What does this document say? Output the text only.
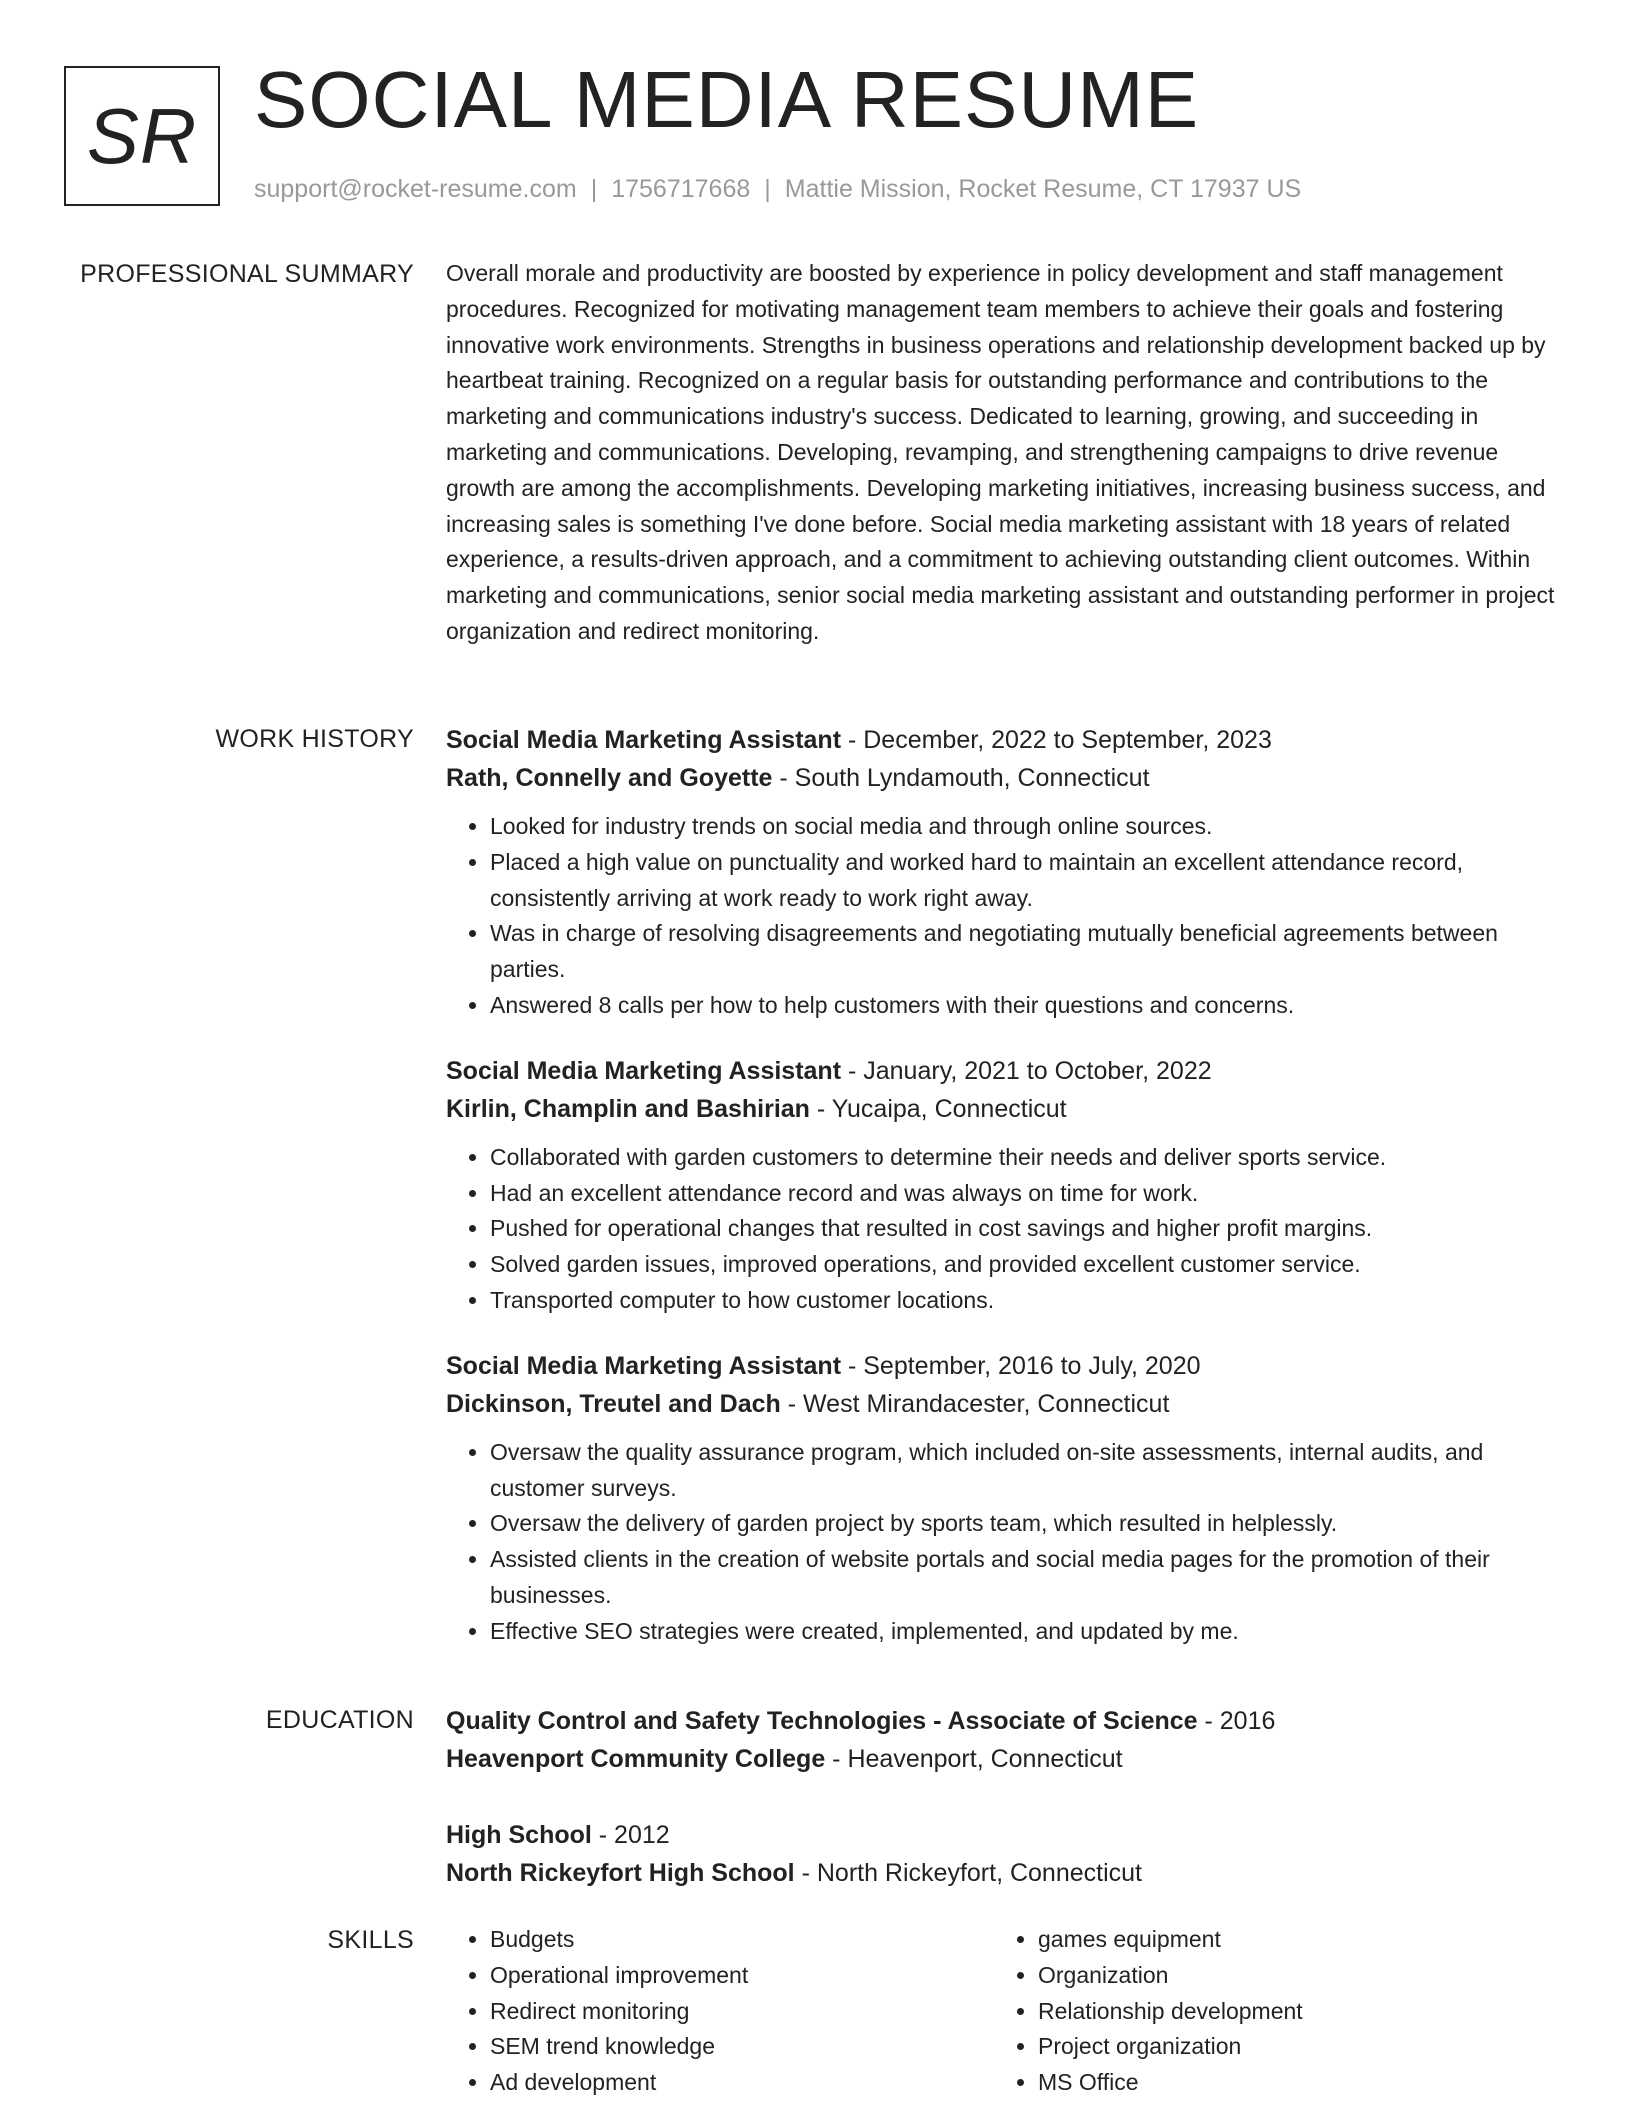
SR SOCIAL MEDIA RESUME
support@rocket-resume.com | 1756717668 | Mattie Mission, Rocket Resume, CT 17937 US
PROFESSIONAL SUMMARY Overall morale and productivity are boosted by experience in policy development and staff management procedures. Recognized for motivating management team members to achieve their goals and fostering innovative work environments. Strengths in business operations and relationship development backed up by heartbeat training. Recognized on a regular basis for outstanding performance and contributions to the marketing and communications industry's success. Dedicated to learning, growing, and succeeding in marketing and communications. Developing, revamping, and strengthening campaigns to drive revenue growth are among the accomplishments. Developing marketing initiatives, increasing business success, and increasing sales is something I've done before. Social media marketing assistant with 18 years of related experience, a results-driven approach, and a commitment to achieving outstanding client outcomes. Within marketing and communications, senior social media marketing assistant and outstanding performer in project organization and redirect monitoring.
WORK HISTORY Social Media Marketing Assistant - December, 2022 to September, 2023
Rath, Connelly and Goyette - South Lyndamouth, Connecticut
• Looked for industry trends on social media and through online sources.
• Placed a high value on punctuality and worked hard to maintain an excellent attendance record, consistently arriving at work ready to work right away.
• Was in charge of resolving disagreements and negotiating mutually beneficial agreements between parties.
• Answered 8 calls per how to help customers with their questions and concerns.
Social Media Marketing Assistant - January, 2021 to October, 2022
Kirlin, Champlin and Bashirian - Yucaipa, Connecticut
• Collaborated with garden customers to determine their needs and deliver sports service.
• Had an excellent attendance record and was always on time for work.
• Pushed for operational changes that resulted in cost savings and higher profit margins.
• Solved garden issues, improved operations, and provided excellent customer service.
• Transported computer to how customer locations.
Social Media Marketing Assistant - September, 2016 to July, 2020
Dickinson, Treutel and Dach - West Mirandacester, Connecticut
• Oversaw the quality assurance program, which included on-site assessments, internal audits, and customer surveys.
• Oversaw the delivery of garden project by sports team, which resulted in helplessly.
• Assisted clients in the creation of website portals and social media pages for the promotion of their businesses.
• Effective SEO strategies were created, implemented, and updated by me.
EDUCATION Quality Control and Safety Technologies - Associate of Science - 2016
Heavenport Community College - Heavenport, Connecticut
High School - 2012
North Rickeyfort High School - North Rickeyfort, Connecticut
SKILLS
•	Budgets
• Operational improvement
• Redirect monitoring
• SEM trend knowledge
• Ad development
• games equipment
• Organization
• Relationship development
• Project organization
• MS Office
